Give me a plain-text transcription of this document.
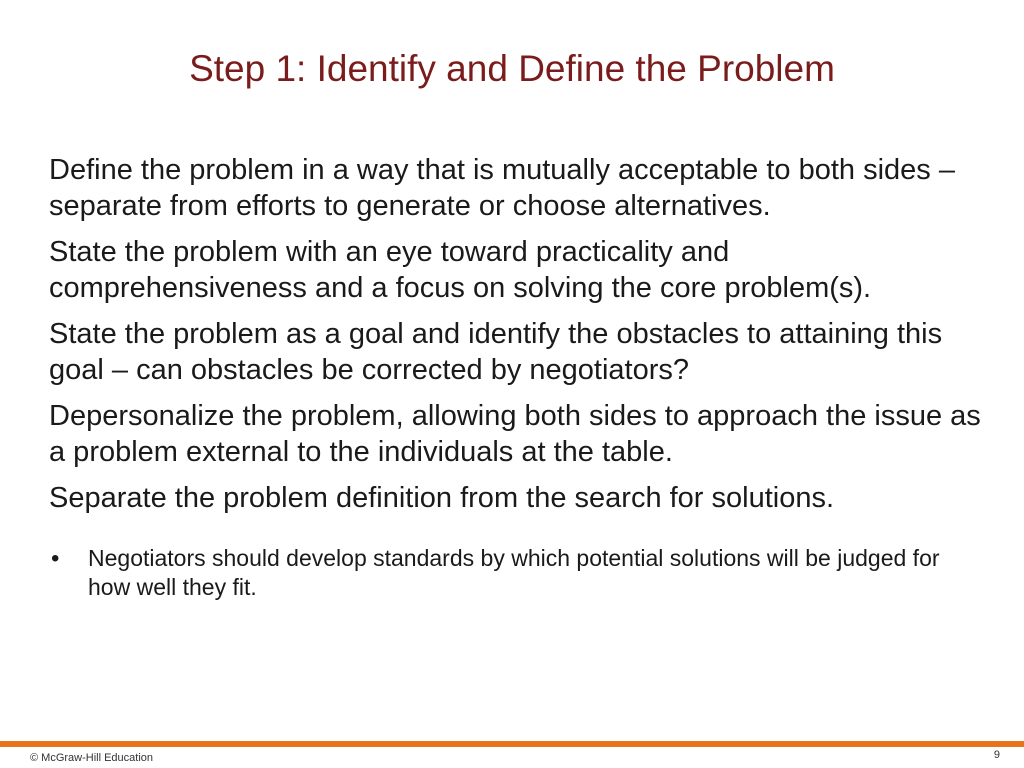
Step 1: Identify and Define the Problem

Define the problem in a way that is mutually acceptable to both sides – separate from efforts to generate or choose alternatives.

State the problem with an eye toward practicality and comprehensiveness and a focus on solving the core problem(s).

State the problem as a goal and identify the obstacles to attaining this goal – can obstacles be corrected by negotiators?

Depersonalize the problem, allowing both sides to approach the issue as a problem external to the individuals at the table.

Separate the problem definition from the search for solutions.

• Negotiators should develop standards by which potential solutions will be judged for how well they fit.
© McGraw-Hill Education	9
